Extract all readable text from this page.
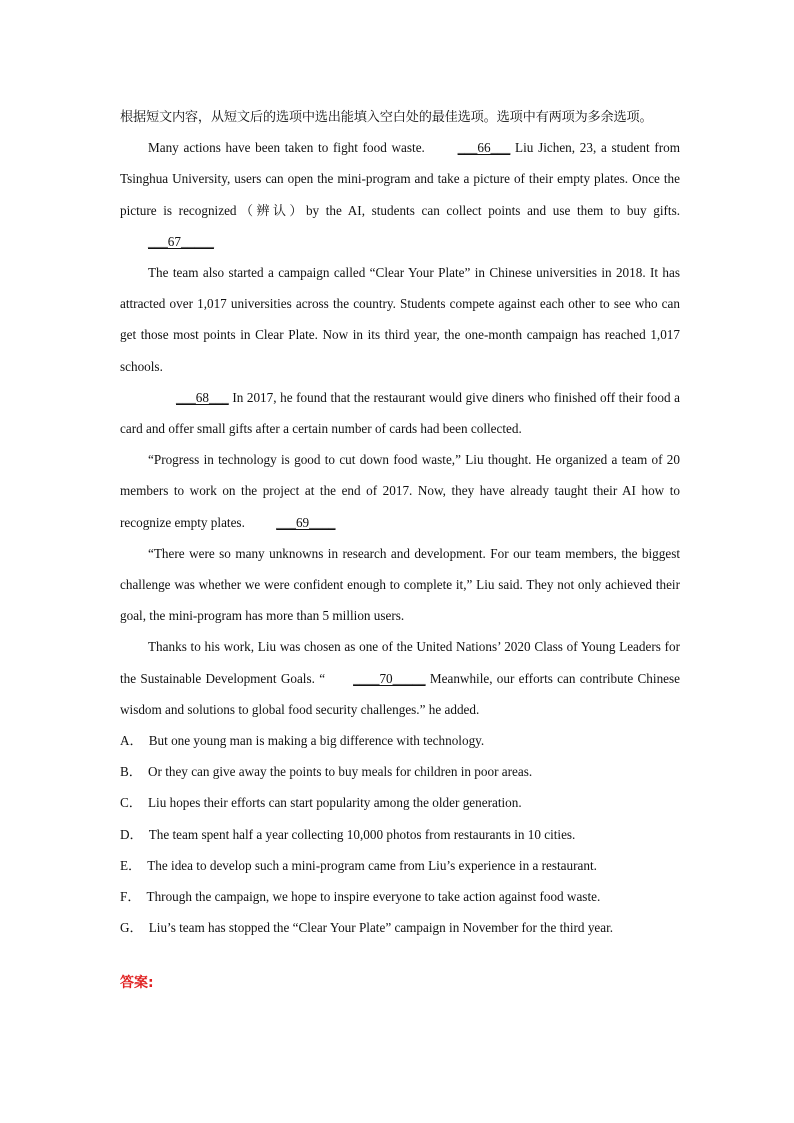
根据短文内容，从短文后的选项中选出能填入空白处的最佳选项。选项中有两项为多余选项。

Many actions have been taken to fight food waste. ___66___ Liu Jichen, 23, a student from Tsinghua University, users can open the mini-program and take a picture of their empty plates. Once the picture is recognized（辨认）by the AI, students can collect points and use them to buy gifts. ___67_____

The team also started a campaign called “Clear Your Plate” in Chinese universities in 2018. It has attracted over 1,017 universities across the country. Students compete against each other to see who can get those most points in Clear Plate. Now in its third year, the one-month campaign has reached 1,017 schools.

___68___ In 2017, he found that the restaurant would give diners who finished off their food a card and offer small gifts after a certain number of cards had been collected.

“Progress in technology is good to cut down food waste,” Liu thought. He organized a team of 20 members to work on the project at the end of 2017. Now, they have already taught their AI how to recognize empty plates. ___69____

“There were so many unknowns in research and development. For our team members, the biggest challenge was whether we were confident enough to complete it,” Liu said. They not only achieved their goal, the mini-program has more than 5 million users.

Thanks to his work, Liu was chosen as one of the United Nations’ 2020 Class of Young Leaders for the Sustainable Development Goals. “ ____70_____ Meanwhile, our efforts can contribute Chinese wisdom and solutions to global food security challenges.” he added.

A． But one young man is making a big difference with technology.
B． Or they can give away the points to buy meals for children in poor areas.
C． Liu hopes their efforts can start popularity among the older generation.
D． The team spent half a year collecting 10,000 photos from restaurants in 10 cities.
E． The idea to develop such a mini-program came from Liu’s experience in a restaurant.
F． Through the campaign, we hope to inspire everyone to take action against food waste.
G． Liu’s team has stopped the “Clear Your Plate” campaign in November for the third year.
答案:
